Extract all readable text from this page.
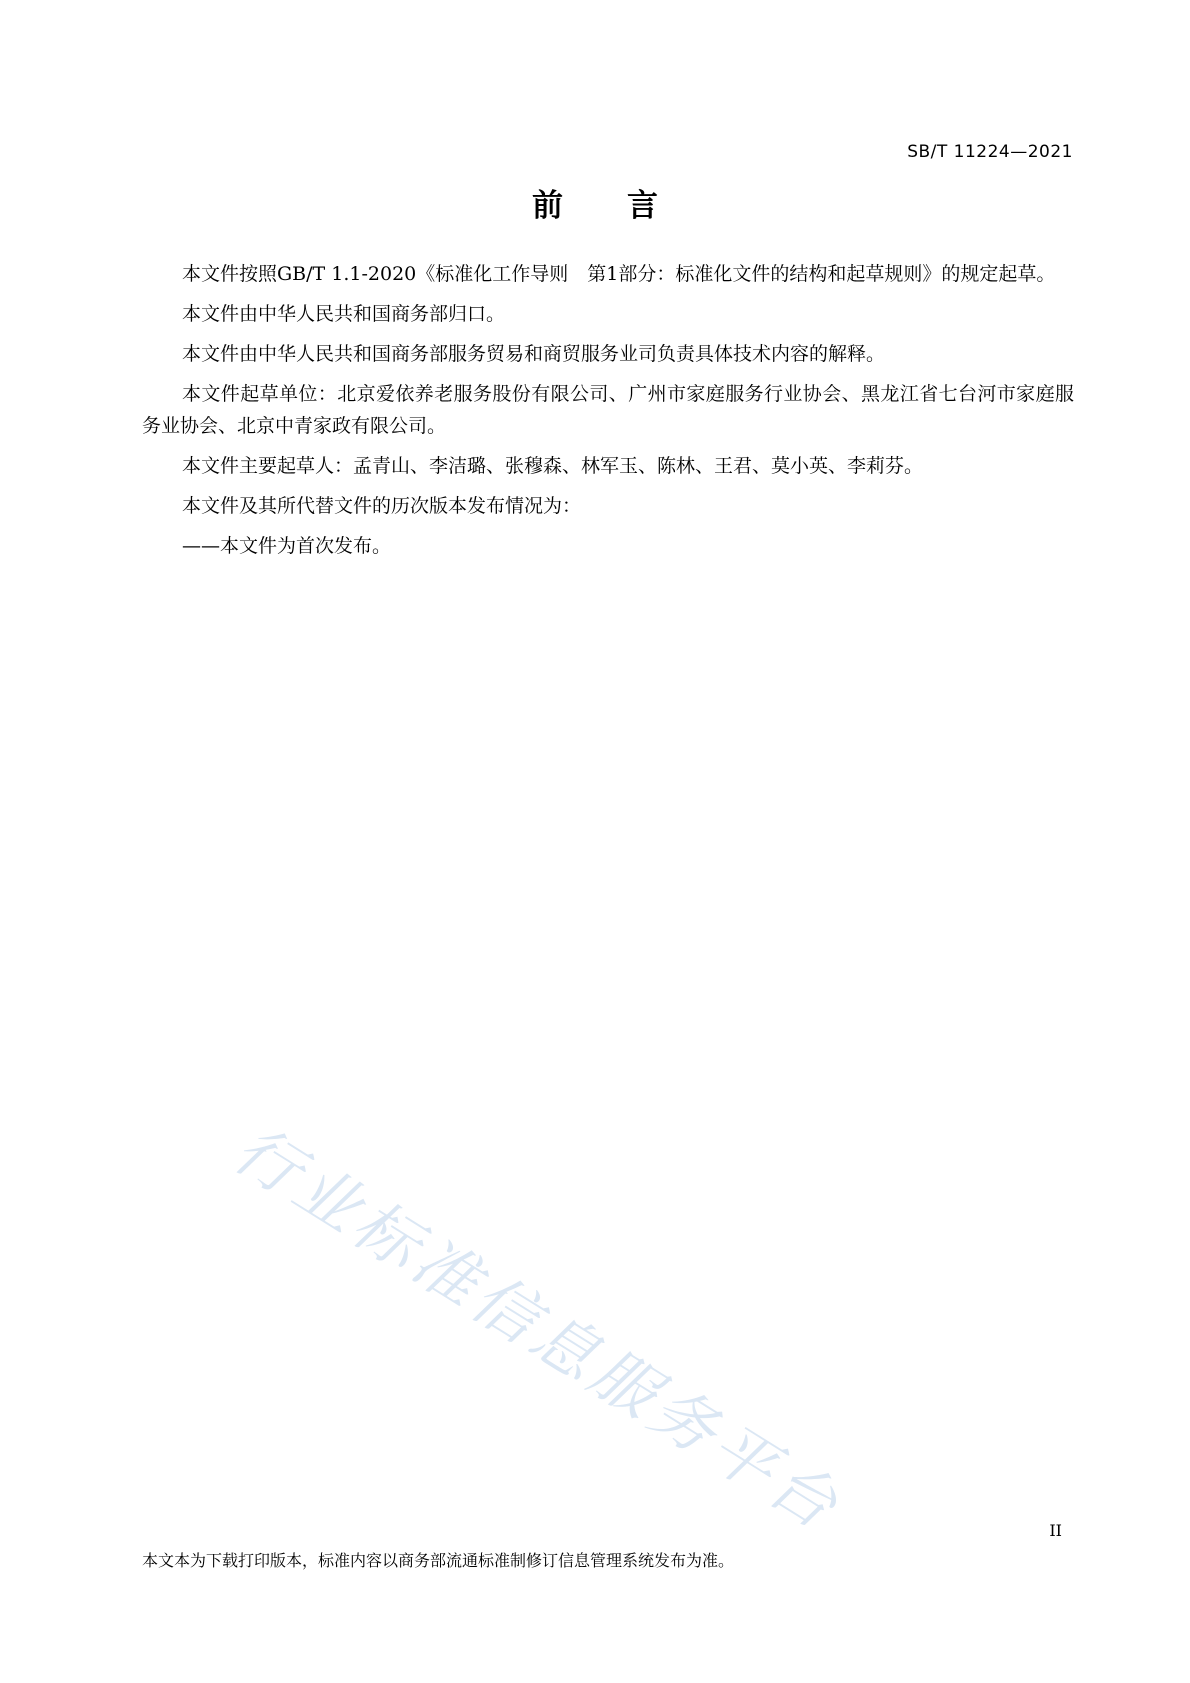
SB/T 11224—2021
前言

本文件按照GB/T 1.1-2020《标准化工作导则　第1部分：标准化文件的结构和起草规则》的规定起草。

本文件由中华人民共和国商务部归口。

本文件由中华人民共和国商务部服务贸易和商贸服务业司负责具体技术内容的解释。

本文件起草单位：北京爱依养老服务股份有限公司、广州市家庭服务行业协会、黑龙江省七台河市家庭服务业协会、北京中青家政有限公司。

本文件主要起草人：孟青山、李洁璐、张穆森、林军玉、陈林、王君、莫小英、李莉芬。

本文件及其所代替文件的历次版本发布情况为：

——本文件为首次发布。

行业标准信息服务平台	II
本文本为下载打印版本，标准内容以商务部流通标准制修订信息管理系统发布为准。
